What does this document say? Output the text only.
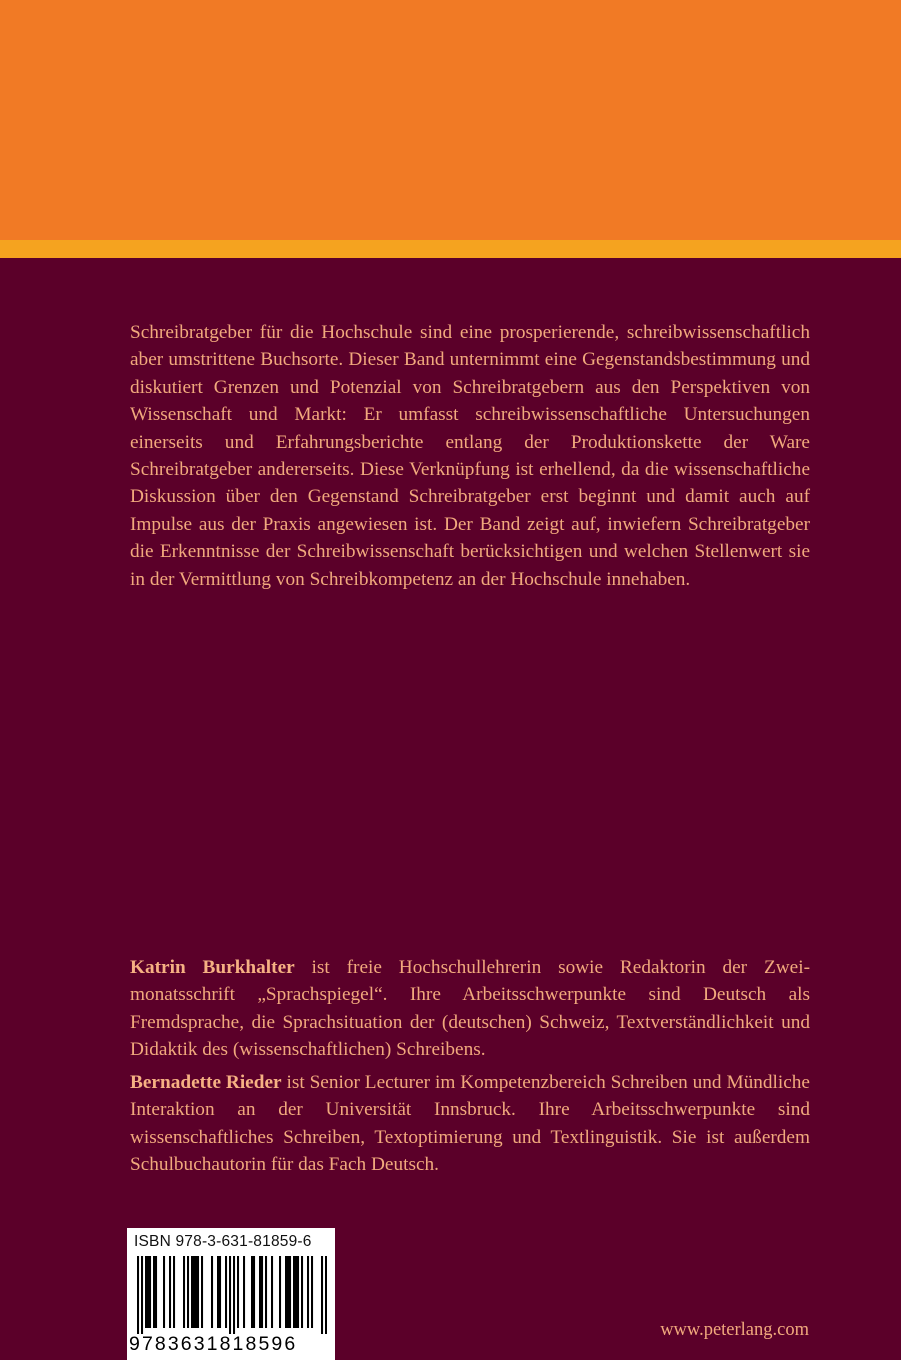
Schreibratgeber für die Hochschule sind eine prosperierende, schreibwissenschaftlich aber umstrittene Buchsorte. Dieser Band unternimmt eine Gegenstandsbestimmung und diskutiert Grenzen und Potenzial von Schreibratgebern aus den Perspektiven von Wissenschaft und Markt: Er umfasst schreibwissenschaftliche Untersuchungen einerseits und Erfahrungsberichte entlang der Produktionskette der Ware Schreibratgeber andererseits. Diese Verknüpfung ist erhellend, da die wissenschaftliche Diskussion über den Gegenstand Schreibratgeber erst beginnt und damit auch auf Impulse aus der Praxis angewiesen ist. Der Band zeigt auf, inwiefern Schreibratgeber die Erkenntnisse der Schreibwissenschaft berücksichtigen und welchen Stellenwert sie in der Vermittlung von Schreibkompetenz an der Hochschule innehaben.

Katrin Burkhalter ist freie Hochschullehrerin sowie Redaktorin der Zweimonatsschrift „Sprachspiegel“. Ihre Arbeitsschwerpunkte sind Deutsch als Fremdsprache, die Sprachsituation der (deutschen) Schweiz, Textverständlichkeit und Didaktik des (wissenschaftlichen) Schreibens.

Bernadette Rieder ist Senior Lecturer im Kompetenzbereich Schreiben und Mündliche Interaktion an der Universität Innsbruck. Ihre Arbeitsschwerpunkte sind wissenschaftliches Schreiben, Textoptimierung und Textlinguistik. Sie ist außerdem Schulbuchautorin für das Fach Deutsch.

ISBN 978-3-631-81859-6
9783631818596
www.peterlang.com
